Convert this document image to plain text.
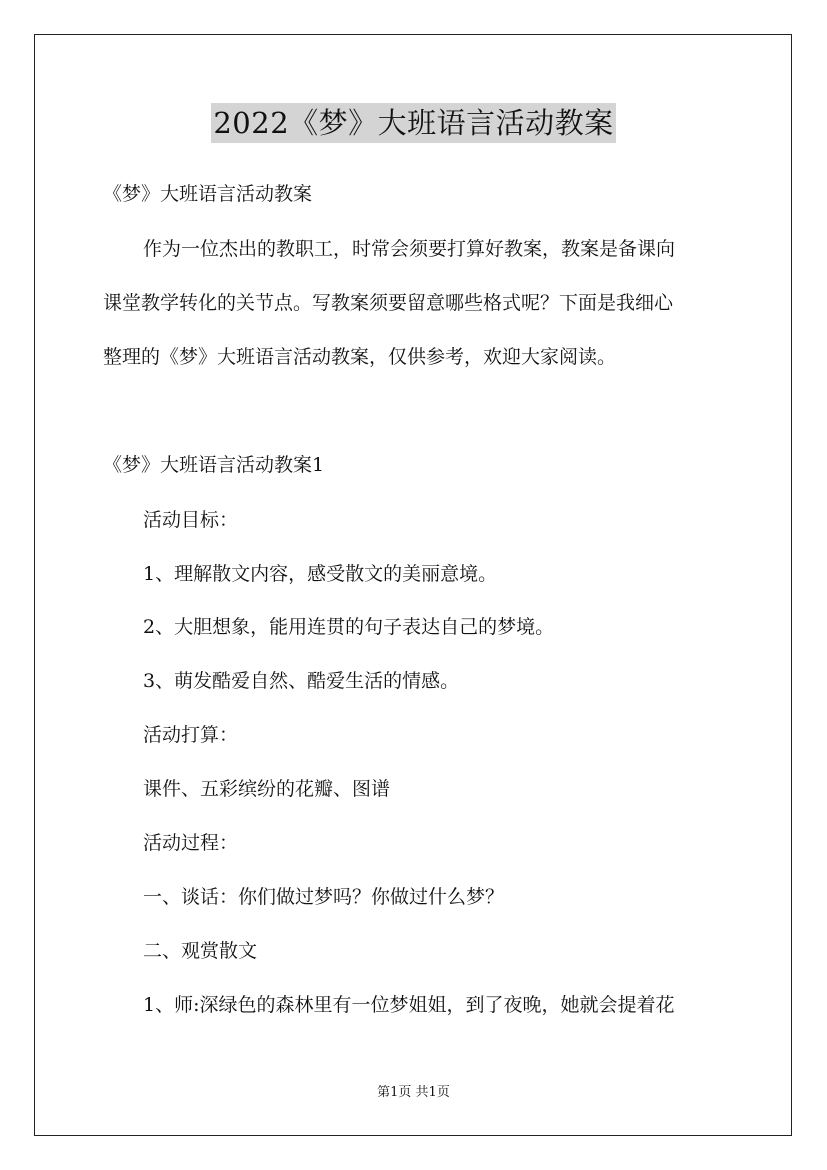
2022《梦》大班语言活动教案
《梦》大班语言活动教案
作为一位杰出的教职工，时常会须要打算好教案，教案是备课向
课堂教学转化的关节点。写教案须要留意哪些格式呢？下面是我细心
整理的《梦》大班语言活动教案，仅供参考，欢迎大家阅读。
《梦》大班语言活动教案1
活动目标：
1、理解散文内容，感受散文的美丽意境。
2、大胆想象，能用连贯的句子表达自己的梦境。
3、萌发酷爱自然、酷爱生活的情感。
活动打算：
课件、五彩缤纷的花瓣、图谱
活动过程：
一、谈话：你们做过梦吗？你做过什么梦？
二、观赏散文
1、师:深绿色的森林里有一位梦姐姐，到了夜晚，她就会提着花
第1页 共1页
